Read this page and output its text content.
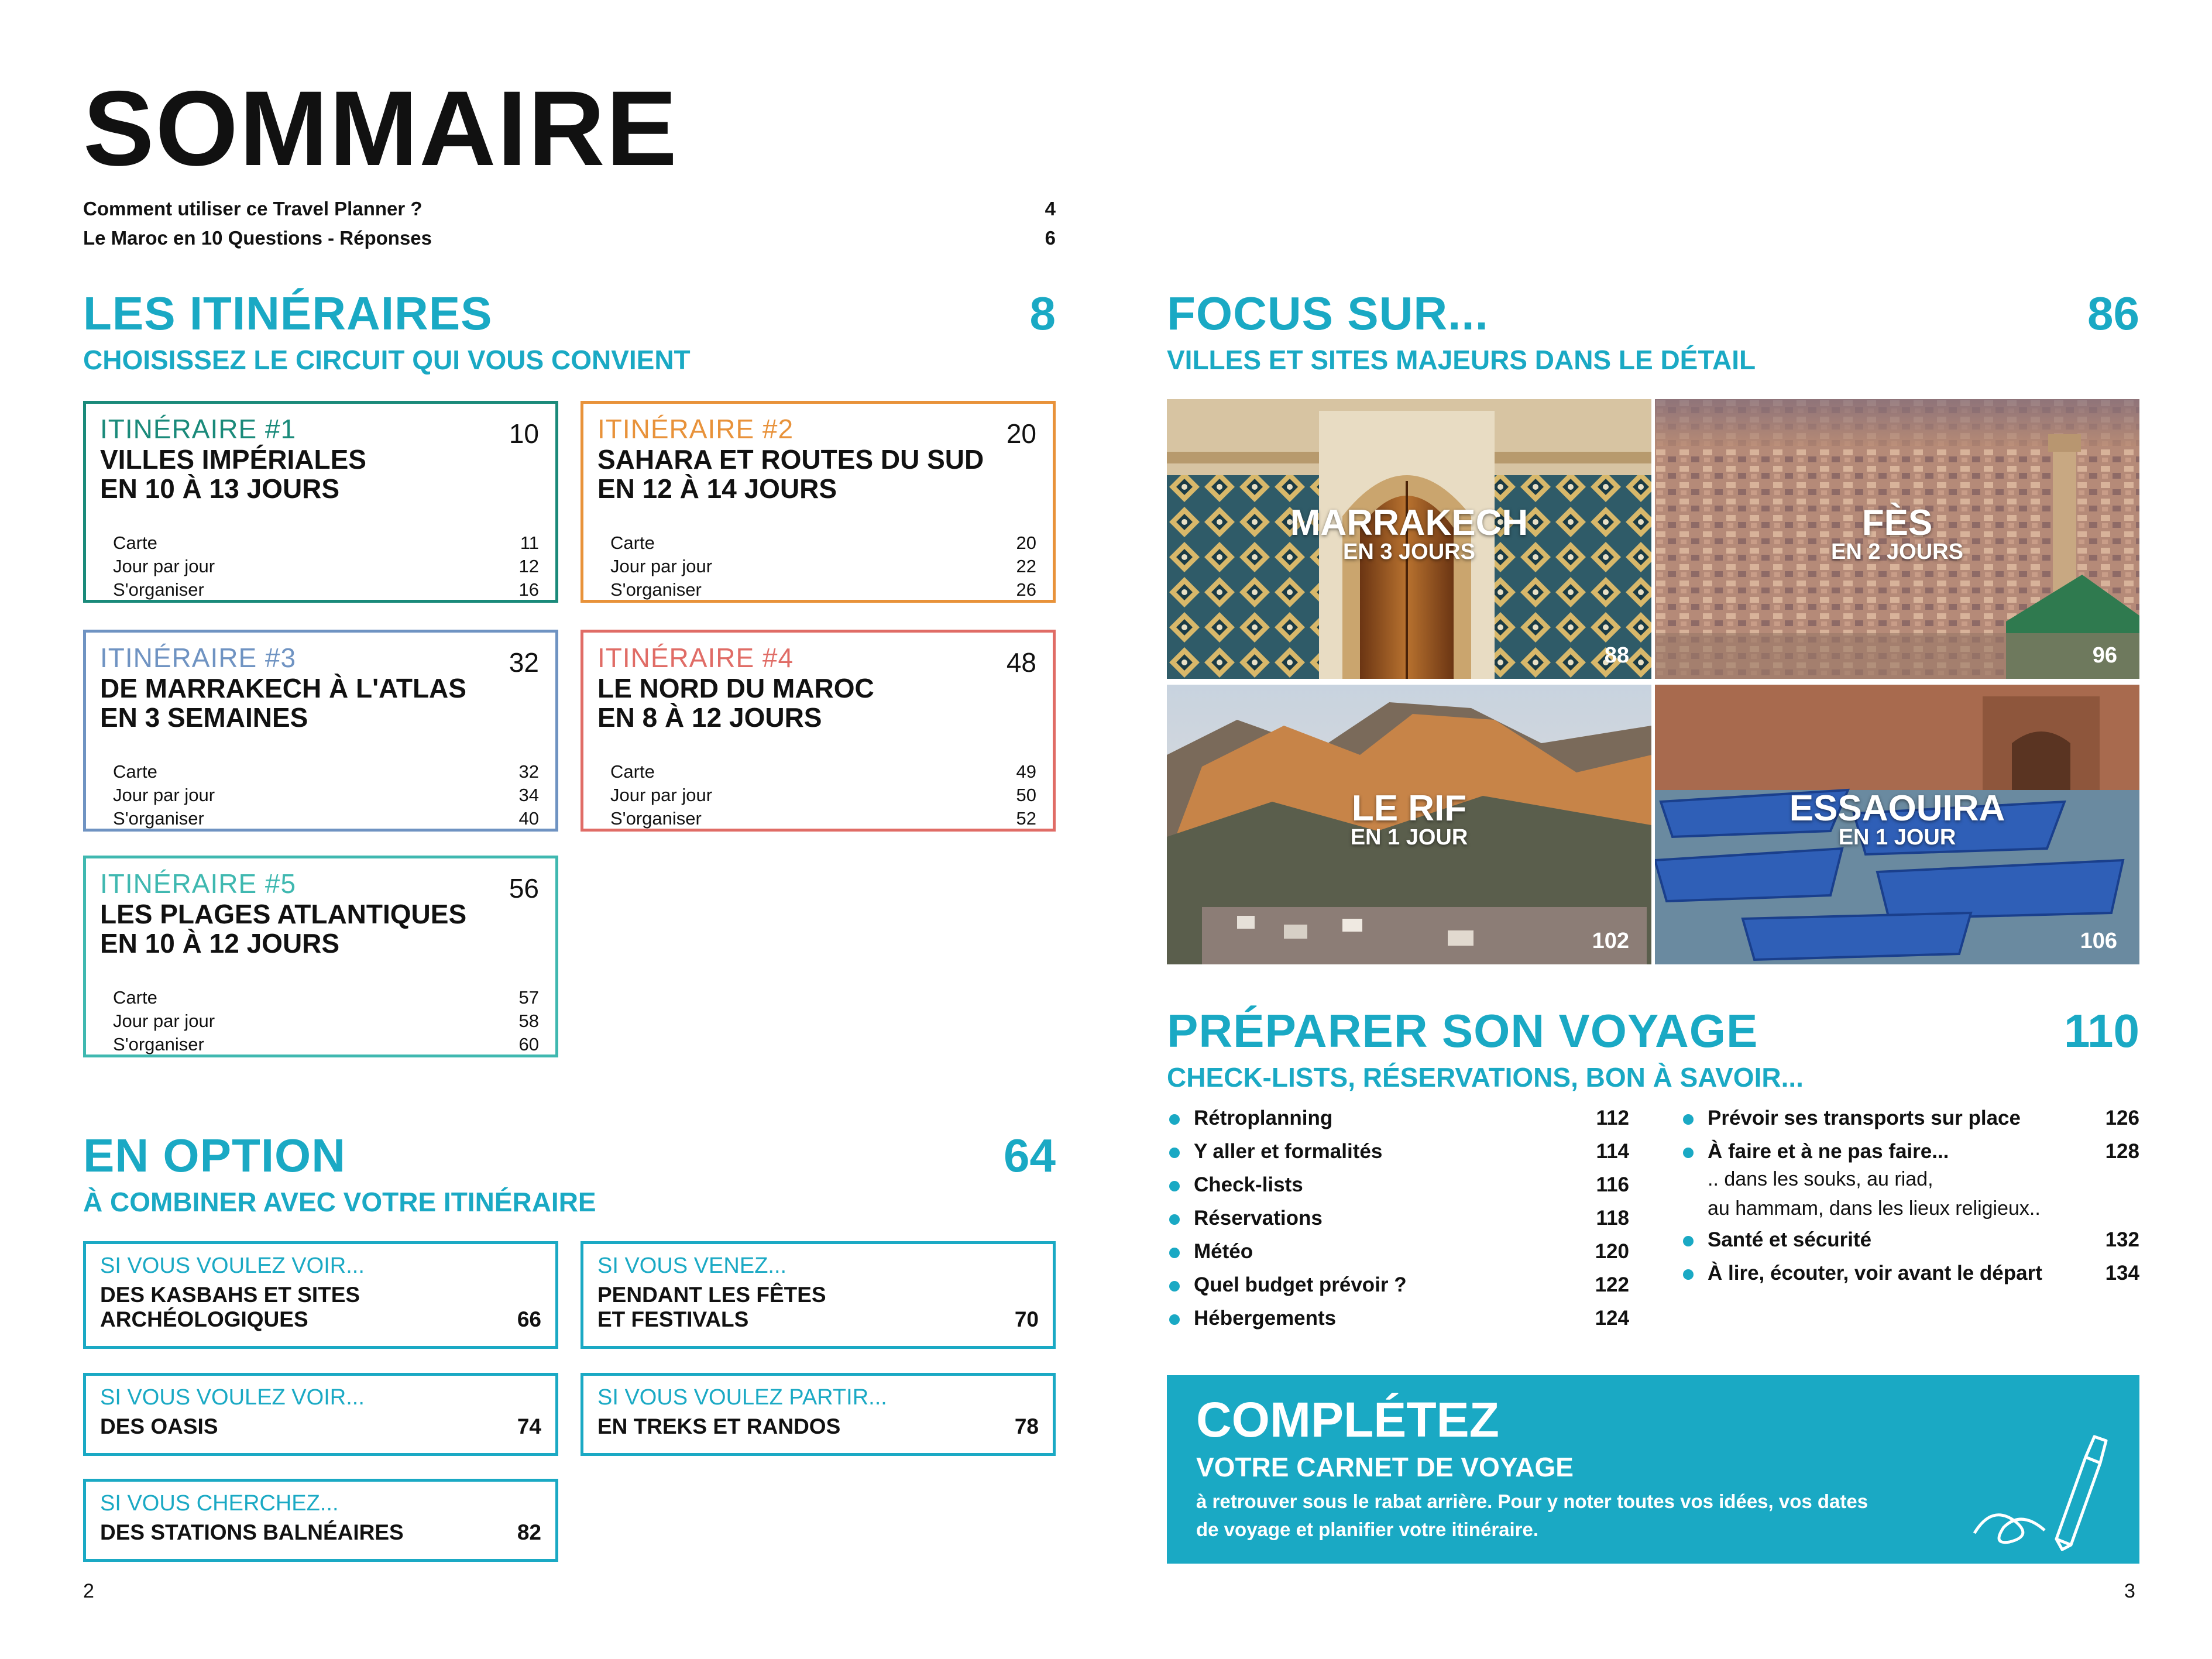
SOMMAIRE
Comment utiliser ce Travel Planner ?	4
Le Maroc en 10 Questions - Réponses	6
LES ITINÉRAIRES	8
CHOISISSEZ LE CIRCUIT QUI VOUS CONVIENT
ITINÉRAIRE #1	10
VILLES IMPÉRIALES
EN 10 À 13 JOURS
Carte	11
Jour par jour	12
S'organiser	16
ITINÉRAIRE #2	20
SAHARA ET ROUTES DU SUD
EN 12 À 14 JOURS
Carte	20
Jour par jour	22
S'organiser	26
ITINÉRAIRE #3	32
DE MARRAKECH À L'ATLAS
EN 3 SEMAINES
Carte	32
Jour par jour	34
S'organiser	40
ITINÉRAIRE #4	48
LE NORD DU MAROC
EN 8 À 12 JOURS
Carte	49
Jour par jour	50
S'organiser	52
ITINÉRAIRE #5	56
LES PLAGES ATLANTIQUES
EN 10 À 12 JOURS
Carte	57
Jour par jour	58
S'organiser	60
EN OPTION	64
À COMBINER AVEC VOTRE ITINÉRAIRE
SI VOUS VOULEZ VOIR...
DES KASBAHS ET SITES
ARCHÉOLOGIQUES	66
SI VOUS VENEZ...
PENDANT LES FÊTES
ET FESTIVALS	70
SI VOUS VOULEZ VOIR...
DES OASIS	74
SI VOUS VOULEZ PARTIR...
EN TREKS ET RANDOS	78
SI VOUS CHERCHEZ...
DES STATIONS BALNÉAIRES	82
FOCUS SUR...	86
VILLES ET SITES MAJEURS DANS LE DÉTAIL
MARRAKECH
EN 3 JOURS
88
FÈS
EN 2 JOURS
96
LE RIF
EN 1 JOUR
102
ESSAOUIRA
EN 1 JOUR
106
PRÉPARER SON VOYAGE	110
CHECK-LISTS, RÉSERVATIONS, BON À SAVOIR...
Rétroplanning	112
Y aller et formalités	114
Check-lists	116
Réservations	118
Météo	120
Quel budget prévoir ?	122
Hébergements	124
Prévoir ses transports sur place	126
À faire et à ne pas faire...	128
.. dans les souks, au riad,
au hammam, dans les lieux religieux..
Santé et sécurité	132
À lire, écouter, voir avant le départ	134
COMPLÉTEZ
VOTRE CARNET DE VOYAGE
à retrouver sous le rabat arrière. Pour y noter toutes vos idées, vos dates
de voyage et planifier votre itinéraire.
2	3
